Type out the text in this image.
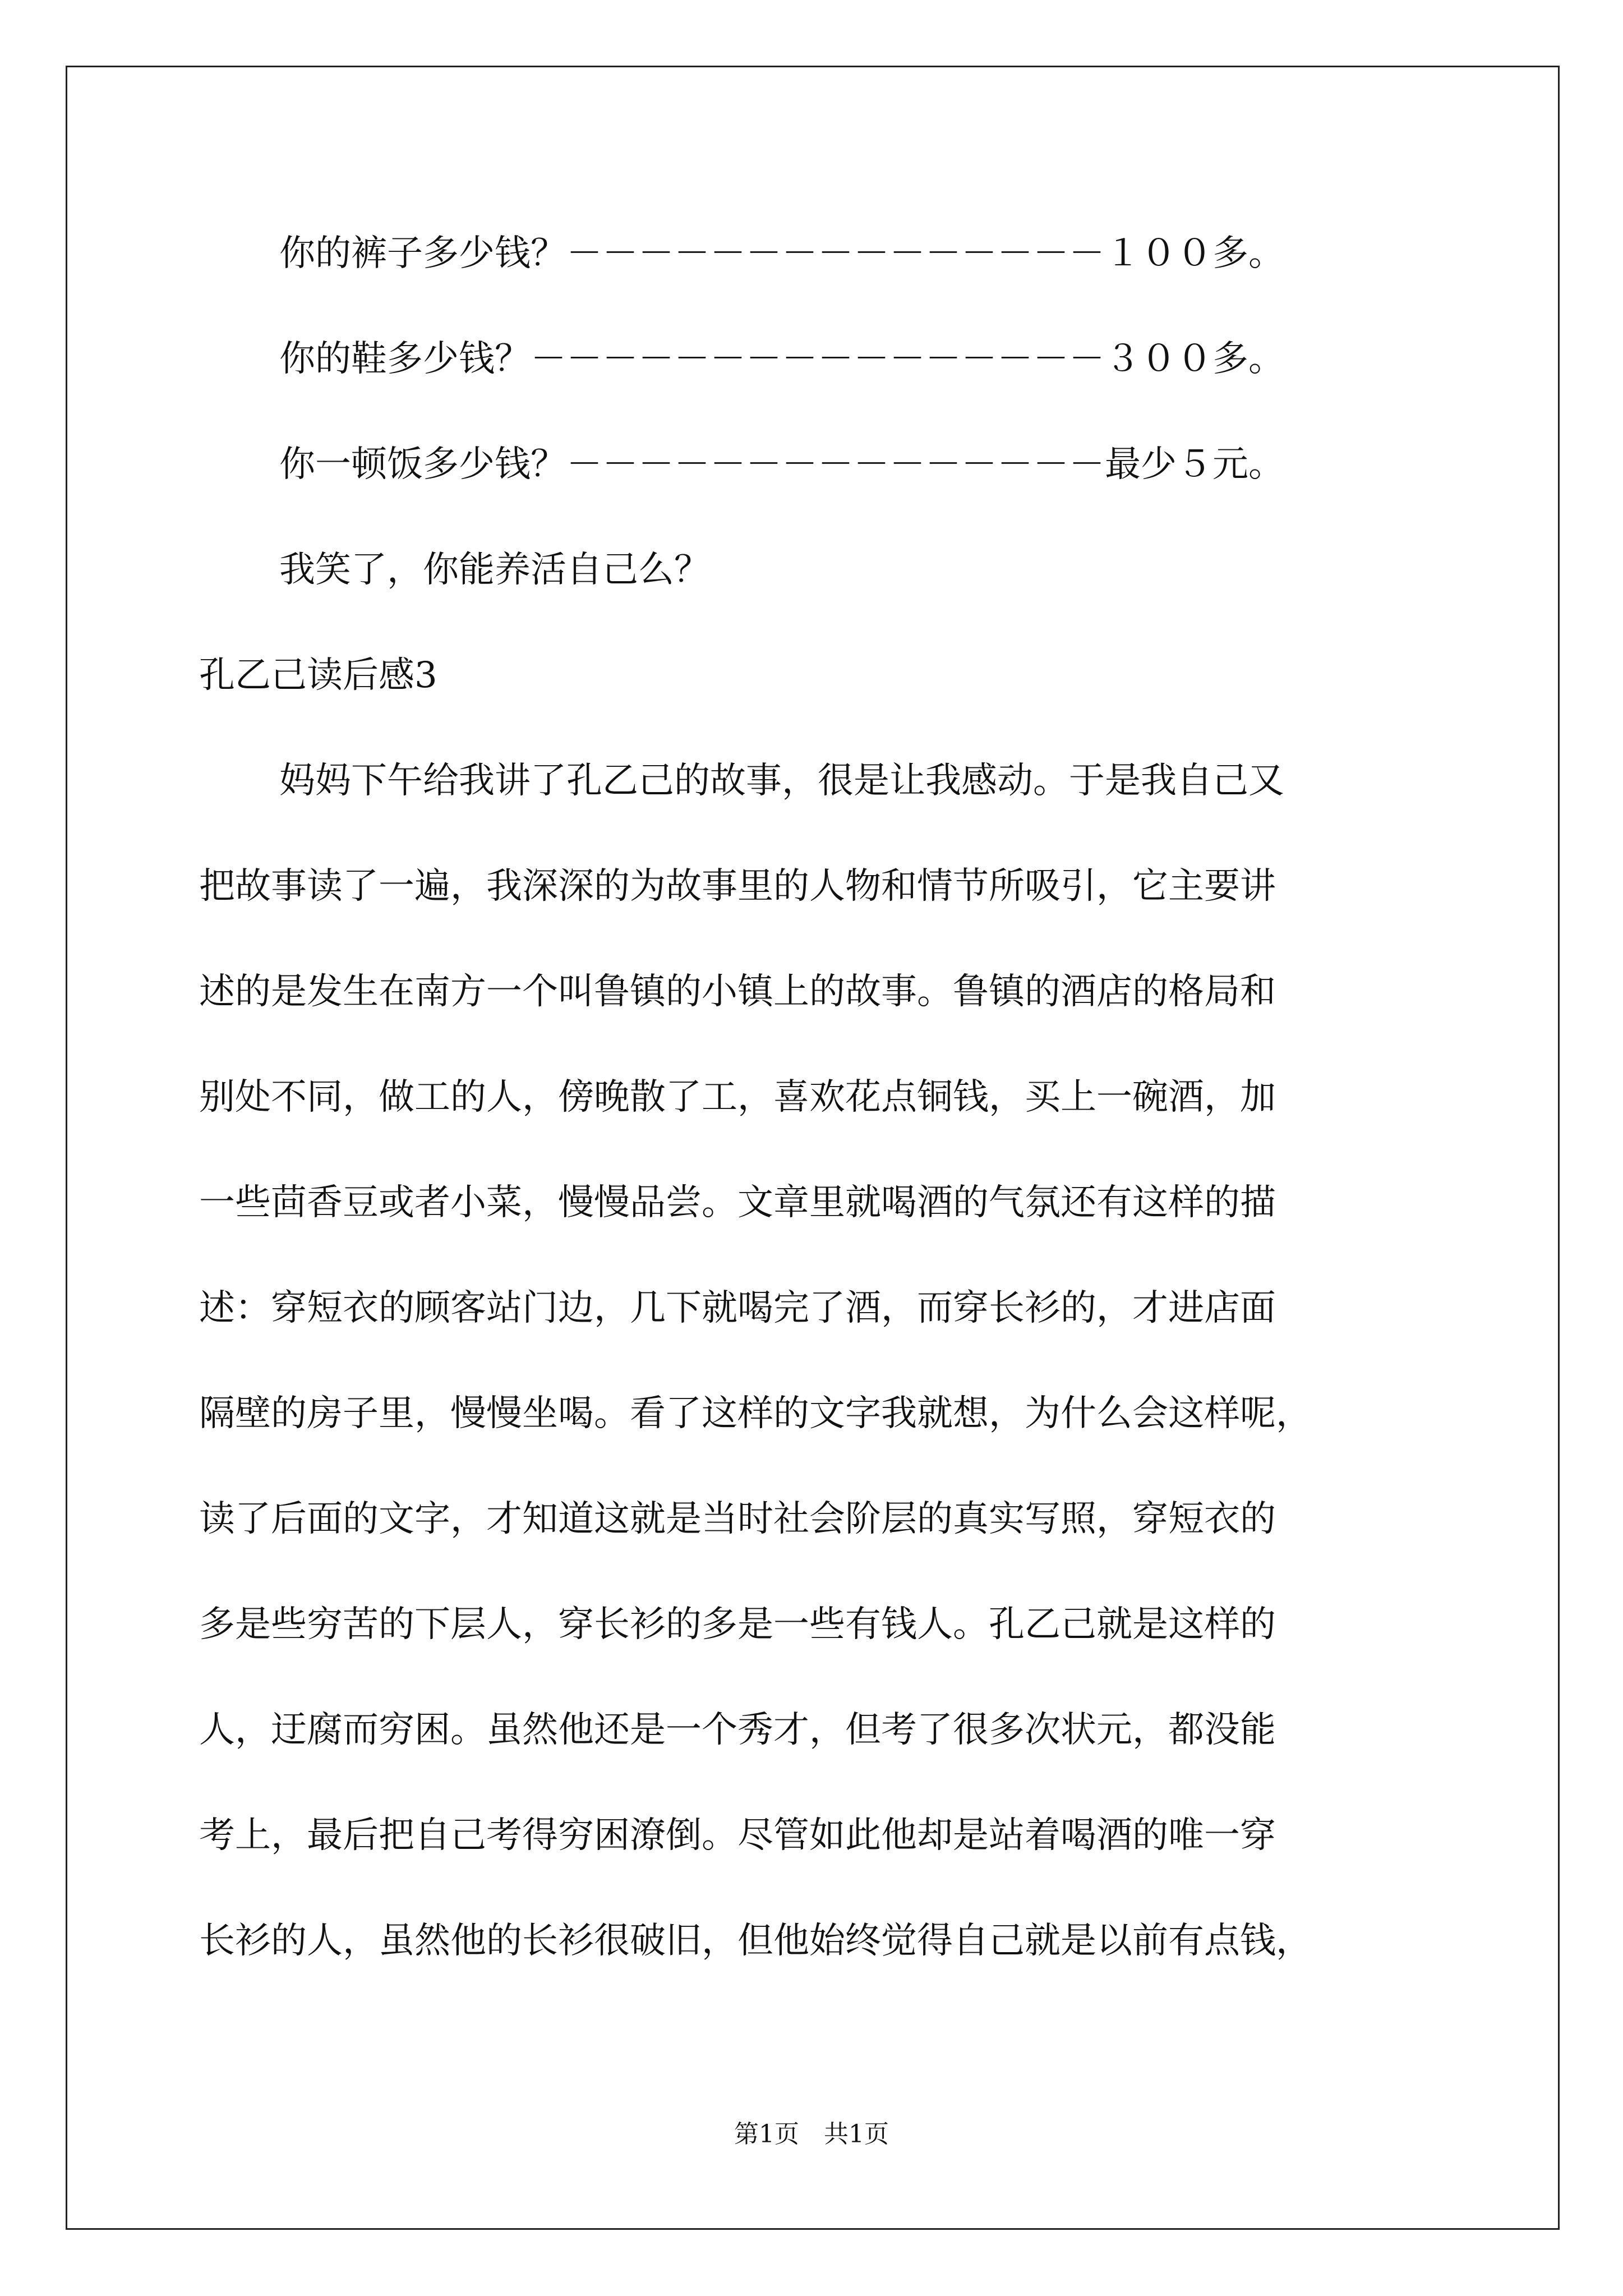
你的裤子多少钱？－－－－－－－－－－－－－－－１００多。

你的鞋多少钱？－－－－－－－－－－－－－－－－３００多。

你一顿饭多少钱？－－－－－－－－－－－－－－－最少５元。

我笑了，你能养活自己么？

孔乙己读后感3

妈妈下午给我讲了孔乙己的故事，很是让我感动。于是我自己又

把故事读了一遍，我深深的为故事里的人物和情节所吸引，它主要讲

述的是发生在南方一个叫鲁镇的小镇上的故事。鲁镇的酒店的格局和

别处不同，做工的人，傍晚散了工，喜欢花点铜钱，买上一碗酒，加

一些茴香豆或者小菜，慢慢品尝。文章里就喝酒的气氛还有这样的描

述：穿短衣的顾客站门边，几下就喝完了酒，而穿长衫的，才进店面

隔壁的房子里，慢慢坐喝。看了这样的文字我就想，为什么会这样呢，

读了后面的文字，才知道这就是当时社会阶层的真实写照，穿短衣的

多是些穷苦的下层人，穿长衫的多是一些有钱人。孔乙己就是这样的

人，迂腐而穷困。虽然他还是一个秀才，但考了很多次状元，都没能

考上，最后把自己考得穷困潦倒。尽管如此他却是站着喝酒的唯一穿

长衫的人，虽然他的长衫很破旧，但他始终觉得自己就是以前有点钱，

第1页　共1页
